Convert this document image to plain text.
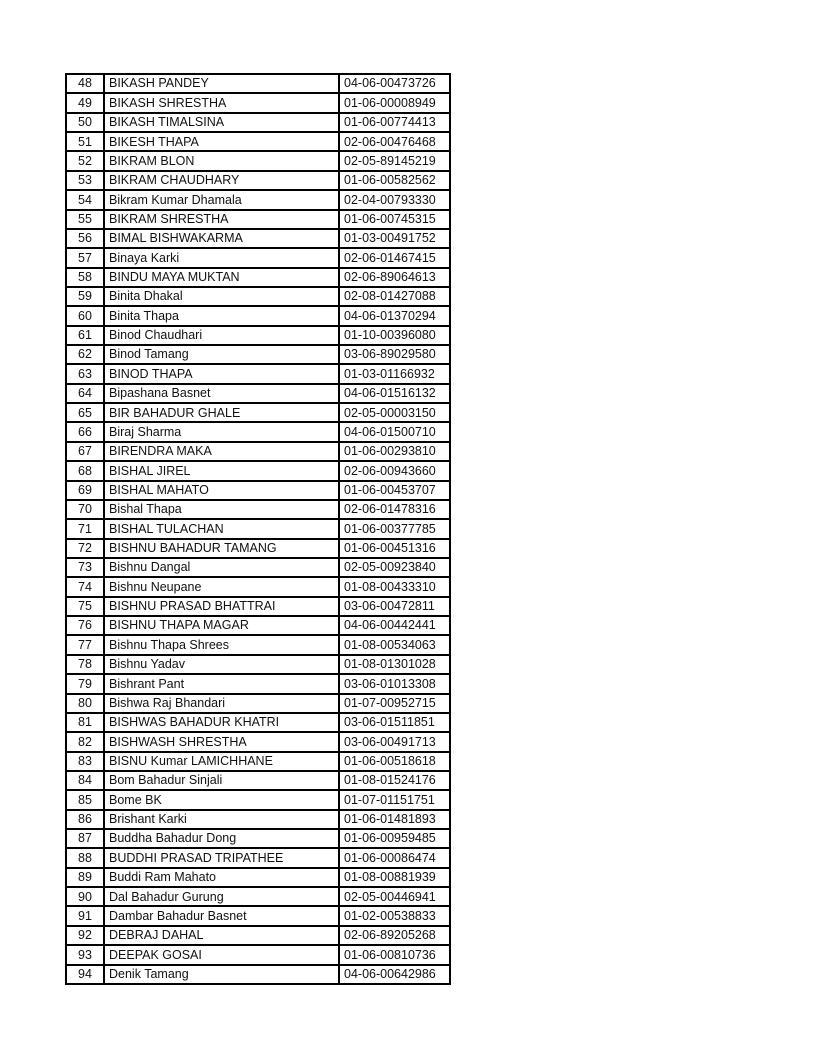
48	BIKASH PANDEY	04-06-00473726
49	BIKASH SHRESTHA	01-06-00008949
50	BIKASH TIMALSINA	01-06-00774413
51	BIKESH THAPA	02-06-00476468
52	BIKRAM BLON	02-05-89145219
53	BIKRAM CHAUDHARY	01-06-00582562
54	Bikram Kumar Dhamala	02-04-00793330
55	BIKRAM SHRESTHA	01-06-00745315
56	BIMAL BISHWAKARMA	01-03-00491752
57	Binaya Karki	02-06-01467415
58	BINDU MAYA MUKTAN	02-06-89064613
59	Binita Dhakal	02-08-01427088
60	Binita Thapa	04-06-01370294
61	Binod Chaudhari	01-10-00396080
62	Binod Tamang	03-06-89029580
63	BINOD THAPA	01-03-01166932
64	Bipashana Basnet	04-06-01516132
65	BIR BAHADUR GHALE	02-05-00003150
66	Biraj Sharma	04-06-01500710
67	BIRENDRA MAKA	01-06-00293810
68	BISHAL JIREL	02-06-00943660
69	BISHAL MAHATO	01-06-00453707
70	Bishal Thapa	02-06-01478316
71	BISHAL TULACHAN	01-06-00377785
72	BISHNU BAHADUR TAMANG	01-06-00451316
73	Bishnu Dangal	02-05-00923840
74	Bishnu Neupane	01-08-00433310
75	BISHNU PRASAD BHATTRAI	03-06-00472811
76	BISHNU THAPA MAGAR	04-06-00442441
77	Bishnu Thapa Shrees	01-08-00534063
78	Bishnu Yadav	01-08-01301028
79	Bishrant Pant	03-06-01013308
80	Bishwa Raj Bhandari	01-07-00952715
81	BISHWAS BAHADUR KHATRI	03-06-01511851
82	BISHWASH SHRESTHA	03-06-00491713
83	BISNU Kumar LAMICHHANE	01-06-00518618
84	Bom Bahadur Sinjali	01-08-01524176
85	Bome BK	01-07-01151751
86	Brishant Karki	01-06-01481893
87	Buddha Bahadur Dong	01-06-00959485
88	BUDDHI PRASAD TRIPATHEE	01-06-00086474
89	Buddi Ram Mahato	01-08-00881939
90	Dal Bahadur Gurung	02-05-00446941
91	Dambar Bahadur Basnet	01-02-00538833
92	DEBRAJ DAHAL	02-06-89205268
93	DEEPAK GOSAI	01-06-00810736
94	Denik Tamang	04-06-00642986
